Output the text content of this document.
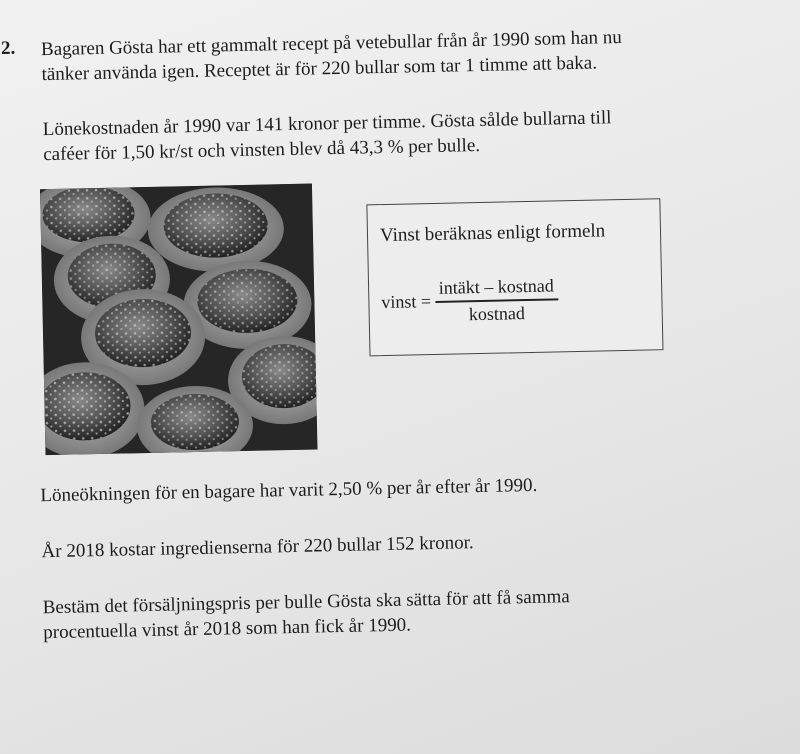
2. Bagaren Gösta har ett gammalt recept på vetebullar från år 1990 som han nu
tänker använda igen. Receptet är för 220 bullar som tar 1 timme att baka.
Lönekostnaden år 1990 var 141 kronor per timme. Gösta sålde bullarna till
caféer för 1,50 kr/st och vinsten blev då 43,3 % per bulle.
Vinst beräknas enligt formeln
vinst =
intäkt – kostnad
kostnad
Löneökningen för en bagare har varit 2,50 % per år efter år 1990.
År 2018 kostar ingredienserna för 220 bullar 152 kronor.
Bestäm det försäljningspris per bulle Gösta ska sätta för att få samma
procentuella vinst år 2018 som han fick år 1990.
